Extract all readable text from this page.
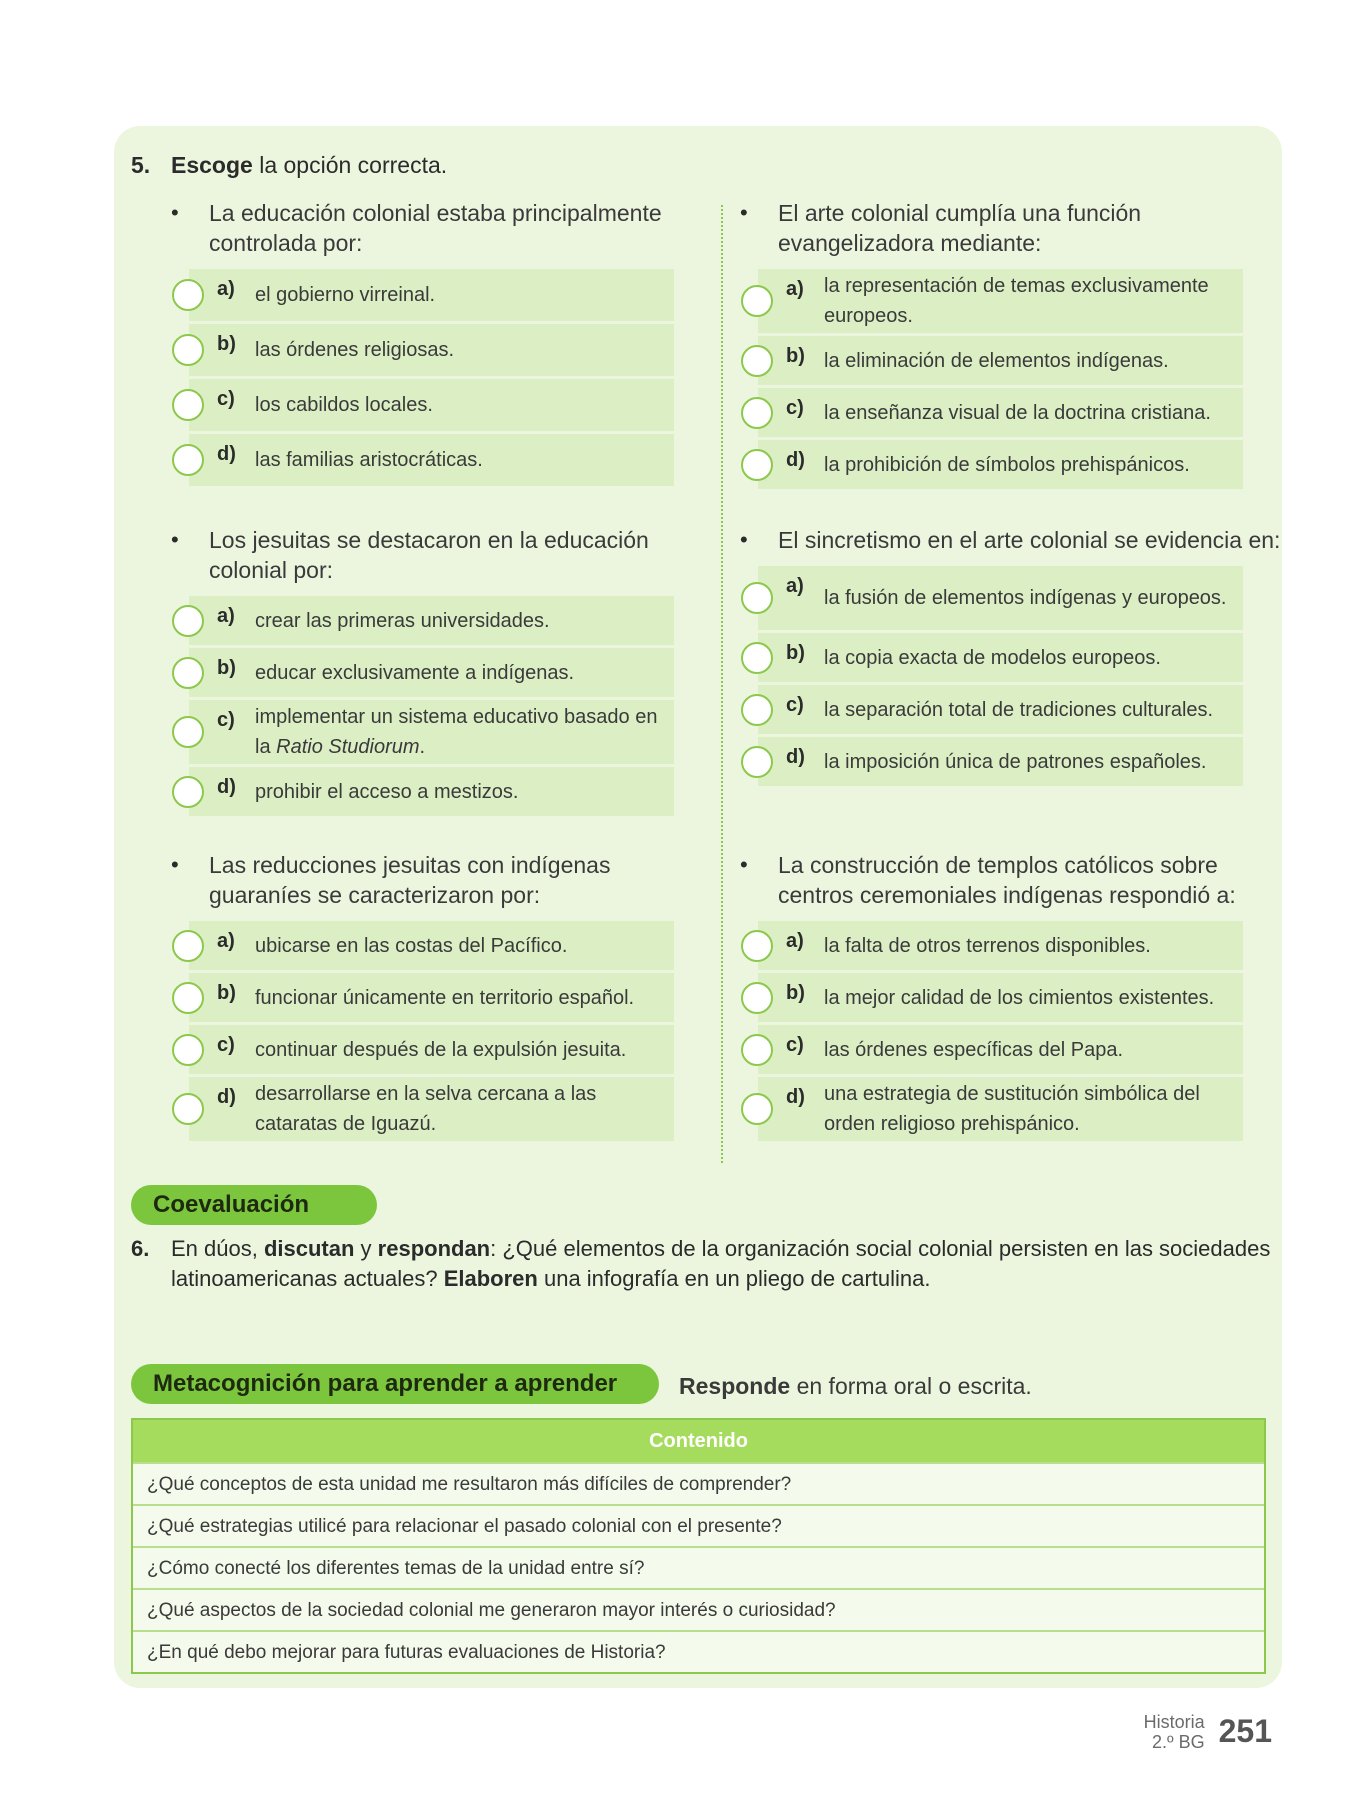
5. Escoge la opción correcta.
• La educación colonial estaba principalmente controlada por:
a)	el gobierno virreinal.
b) las órdenes religiosas.
c)	los cabildos locales.
d) las familias aristocráticas.
• El arte colonial cumplía una función evangelizadora mediante:
a)	la representación de temas exclusivamente europeos.
b) la eliminación de elementos indígenas.
c)	la enseñanza visual de la doctrina cristiana.
d) la prohibición de símbolos prehispánicos.
• Los jesuitas se destacaron en la educación colonial por:
a)	crear las primeras universidades.
b) educar exclusivamente a indígenas.
c)	implementar un sistema educativo basado en la Ratio Studiorum.
d) prohibir el acceso a mestizos.
• El sincretismo en el arte colonial se evidencia en:
a)
la fusión de elementos indígenas y europeos.
b) la copia exacta de modelos europeos.
c)	la separación total de tradiciones culturales.
d) la imposición única de patrones españoles.
• Las reducciones jesuitas con indígenas guaraníes se caracterizaron por:
a)	ubicarse en las costas del Pacífico.
b) funcionar únicamente en territorio español.
c)	continuar después de la expulsión jesuita.
d) desarrollarse en la selva cercana a las cataratas de Iguazú.
• La construcción de templos católicos sobre centros ceremoniales indígenas respondió a:
a)	la falta de otros terrenos disponibles.
b) la mejor calidad de los cimientos existentes.
c)	las órdenes específicas del Papa.
d) una estrategia de sustitución simbólica del orden religioso prehispánico.
Coevaluación
6. En dúos, discutan y respondan: ¿Qué elementos de la organización social colonial persisten en las sociedades latinoamericanas actuales? Elaboren una infografía en un pliego de cartulina.
Metacognición para aprender a aprender	Responde en forma oral o escrita.
Contenido
¿Qué conceptos de esta unidad me resultaron más difíciles de comprender?
¿Qué estrategias utilicé para relacionar el pasado colonial con el presente?
¿Cómo conecté los diferentes temas de la unidad entre sí?
¿Qué aspectos de la sociedad colonial me generaron mayor interés o curiosidad?
¿En qué debo mejorar para futuras evaluaciones de Historia?
Historia
2.º BG 251
